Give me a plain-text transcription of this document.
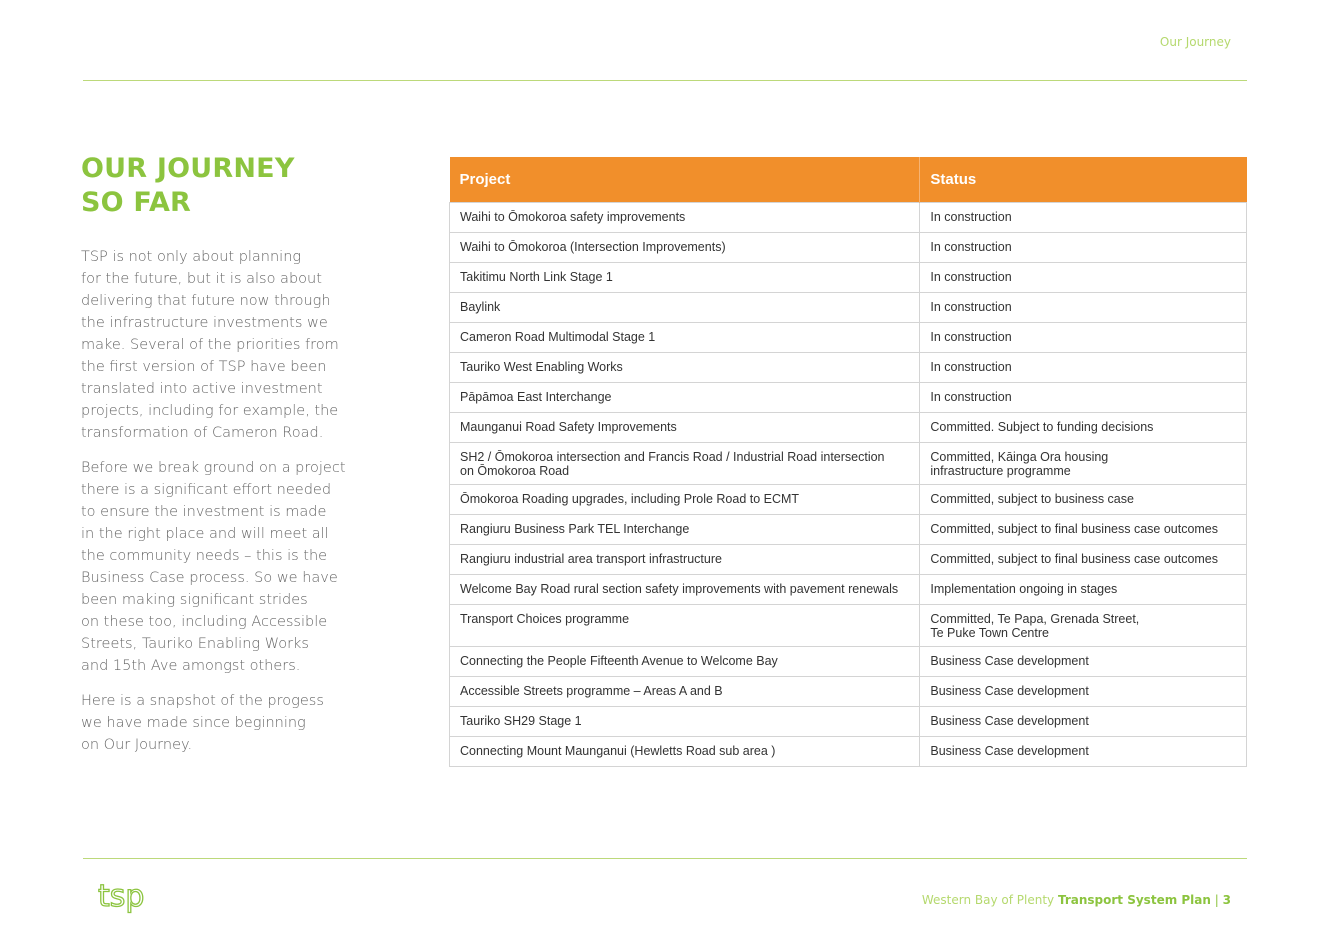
Our Journey
OUR JOURNEY
SO FAR

TSP is not only about planning
for the future, but it is also about
delivering that future now through
the infrastructure investments we
make. Several of the priorities from
the first version of TSP have been
translated into active investment
projects, including for example, the
transformation of Cameron Road.

Before we break ground on a project
there is a significant effort needed
to ensure the investment is made
in the right place and will meet all
the community needs – this is the
Business Case process. So we have
been making significant strides
on these too, including Accessible
Streets, Tauriko Enabling Works
and 15th Ave amongst others.

Here is a snapshot of the progess
we have made since beginning
on Our Journey.

Project	Status

Waihi to Ōmokoroa safety improvements	In construction

Waihi to Ōmokoroa (Intersection Improvements)	In construction

Takitimu North Link Stage 1	In construction

Baylink	In construction

Cameron Road Multimodal Stage 1	In construction

Tauriko West Enabling Works	In construction

Pāpāmoa East Interchange	In construction

Maunganui Road Safety Improvements	Committed. Subject to funding decisions

SH2 / Ōmokoroa intersection and Francis Road / Industrial Road intersection
on Ōmokoroa Road	Committed, Kāinga Ora housing
infrastructure programme

Ōmokoroa Roading upgrades, including Prole Road to ECMT	Committed, subject to business case

Rangiuru Business Park TEL Interchange	Committed, subject to final business case outcomes

Rangiuru industrial area transport infrastructure	Committed, subject to final business case outcomes

Welcome Bay Road rural section safety improvements with pavement renewals	Implementation ongoing in stages

Transport Choices programme	Committed, Te Papa, Grenada Street,
Te Puke Town Centre

Connecting the People Fifteenth Avenue to Welcome Bay	Business Case development

Accessible Streets programme – Areas A and B	Business Case development

Tauriko SH29 Stage 1	Business Case development

Connecting Mount Maunganui (Hewletts Road sub area )	Business Case development
tsp	Western Bay of Plenty Transport System Plan | 3
